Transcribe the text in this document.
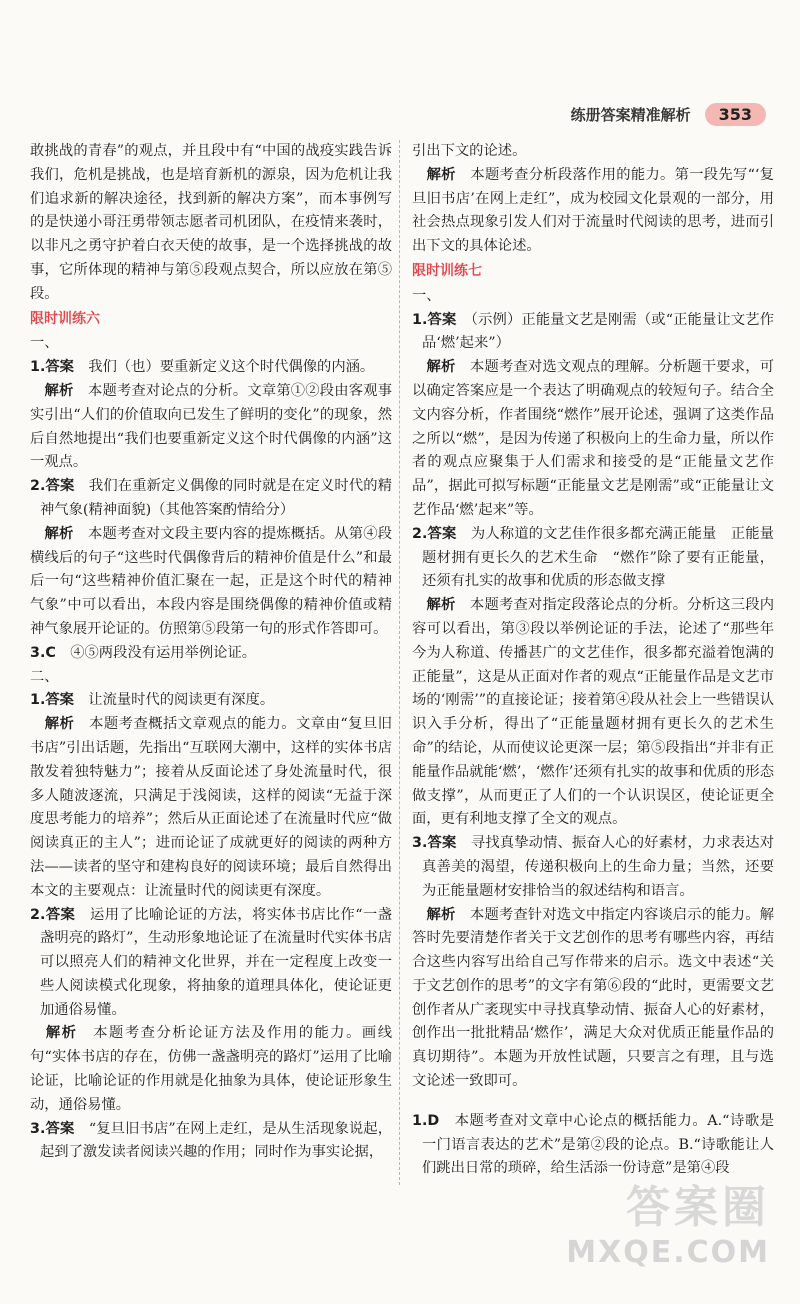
练册答案精准解析	353

敢挑战的青春”的观点，并且段中有“中国的战疫实践告诉我们，危机是挑战，也是培育新机的源泉，因为危机让我们追求新的解决途径，找到新的解决方案”，而本事例写的是快递小哥汪勇带领志愿者司机团队，在疫情来袭时，以非凡之勇守护着白衣天使的故事，是一个选择挑战的故事，它所体现的精神与第⑤段观点契合，所以应放在第⑤段。

限时训练六

一、

1.答案　 我们（也）要重新定义这个时代偶像的内涵。

　解析　 本题考查对论点的分析。文章第①②段由客观事实引出“人们的价值取向已发生了鲜明的变化”的现象，然后自然地提出“我们也要重新定义这个时代偶像的内涵”这一观点。

2.答案　 我们在重新定义偶像的同时就是在定义时代的精神气象(精神面貌)（其他答案酌情给分）

　解析　 本题考查对文段主要内容的提炼概括。从第④段横线后的句子“这些时代偶像背后的精神价值是什么”和最后一句“这些精神价值汇聚在一起，正是这个时代的精神气象”中可以看出，本段内容是围绕偶像的精神价值或精神气象展开论证的。仿照第⑤段第一句的形式作答即可。

3.C　 ④⑤两段没有运用举例论证。

二、

1.答案　 让流量时代的阅读更有深度。

　解析　 本题考查概括文章观点的能力。文章由“复旦旧书店”引出话题，先指出“互联网大潮中，这样的实体书店散发着独特魅力”；接着从反面论述了身处流量时代，很多人随波逐流，只满足于浅阅读，这样的阅读“无益于深度思考能力的培养”；然后从正面论述了在流量时代应“做阅读真正的主人”；进而论证了成就更好的阅读的两种方法——读者的坚守和建构良好的阅读环境；最后自然得出本文的主要观点：让流量时代的阅读更有深度。

2.答案　 运用了比喻论证的方法，将实体书店比作“一盏盏明亮的路灯”，生动形象地论证了在流量时代实体书店可以照亮人们的精神文化世界，并在一定程度上改变一些人阅读模式化现象，将抽象的道理具体化，使论证更加通俗易懂。

　解析　 本题考查分析论证方法及作用的能力。画线句“实体书店的存在，仿佛一盏盏明亮的路灯”运用了比喻论证，比喻论证的作用就是化抽象为具体，使论证形象生动，通俗易懂。

3.答案　 “复旦旧书店”在网上走红，是从生活现象说起，起到了激发读者阅读兴趣的作用；同时作为事实论据，

引出下文的论述。

　解析　 本题考查分析段落作用的能力。第一段先写“‘复旦旧书店’在网上走红”，成为校园文化景观的一部分，用社会热点现象引发人们对于流量时代阅读的思考，进而引出下文的具体论述。

限时训练七

一、

1.答案　 （示例）正能量文艺是刚需（或“正能量让文艺作品‘燃’起来”）

　解析　 本题考查对选文观点的理解。分析题干要求，可以确定答案应是一个表达了明确观点的较短句子。结合全文内容分析，作者围绕“燃作”展开论述，强调了这类作品之所以“燃”，是因为传递了积极向上的生命力量，所以作者的观点应聚集于人们需求和接受的是“正能量文艺作品”，据此可拟写标题“正能量文艺是刚需”或“正能量让文艺作品‘燃’起来”等。

2.答案　 为人称道的文艺佳作很多都充满正能量　正能量题材拥有更长久的艺术生命　“燃作”除了要有正能量，还须有扎实的故事和优质的形态做支撑

　解析　 本题考查对指定段落论点的分析。分析这三段内容可以看出，第③段以举例论证的手法，论述了“那些年今为人称道、传播甚广的文艺佳作，很多都充溢着饱满的正能量”，这是从正面对作者的观点“正能量作品是文艺市场的‘刚需’”的直接论证；接着第④段从社会上一些错误认识入手分析，得出了“正能量题材拥有更长久的艺术生命”的结论，从而使议论更深一层；第⑤段指出“并非有正能量作品就能‘燃’，‘燃作’还须有扎实的故事和优质的形态做支撑”，从而更正了人们的一个认识误区，使论证更全面，更有利地支撑了全文的观点。

3.答案　 寻找真挚动情、振奋人心的好素材，力求表达对真善美的渴望，传递积极向上的生命力量；当然，还要为正能量题材安排恰当的叙述结构和语言。

　解析　 本题考查针对选文中指定内容谈启示的能力。解答时先要清楚作者关于文艺创作的思考有哪些内容，再结合这些内容写出给自己写作带来的启示。选文中表述“关于文艺创作的思考”的文字有第⑥段的“此时，更需要文艺创作者从广袤现实中寻找真挚动情、振奋人心的好素材，创作出一批批精品‘燃作’，满足大众对优质正能量作品的真切期待”。本题为开放性试题，只要言之有理，且与选文论述一致即可。

1.D　 本题考查对文章中心论点的概括能力。A.“诗歌是一门语言表达的艺术”是第②段的论点。B.“诗歌能让人们跳出日常的琐碎，给生活添一份诗意”是第④段

答案圈
MXQE.COM
